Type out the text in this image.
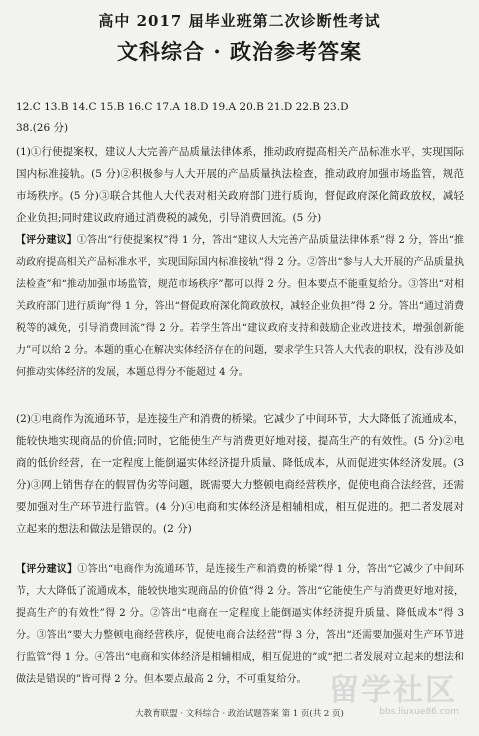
高中 2017 届毕业班第二次诊断性考试
文科综合 · 政治参考答案
12.C 13.B 14.C 15.B 16.C 17.A 18.D 19.A 20.B 21.D 22.B 23.D
38.(26 分)
(1)①行使提案权，建议人大完善产品质量法律体系，推动政府提高相关产品标准水平，实现国际国内标准接轨。(5 分)②积极参与人大开展的产品质量执法检查，推动政府加强市场监管，规范市场秩序。(5 分)③联合其他人大代表对相关政府部门进行质询，督促政府深化简政放权，减轻企业负担;同时建议政府通过消费税的减免，引导消费回流。(5 分)
【评分建议】①答出“行使提案权”得 1 分，答出“建议人大完善产品质量法律体系”得 2 分，答出“推动政府提高相关产品标准水平，实现国际国内标准接轨”得 2 分。②答出“参与人大开展的产品质量执法检查”和“推动加强市场监管，规范市场秩序”都可以得 2 分。但本要点不能重复给分。③答出“对相关政府部门进行质询”得 1 分，答出“督促政府深化简政放权，减轻企业负担”得 2 分。答出“通过消费税等的减免，引导消费回流”得 2 分。若学生答出“建议政府支持和鼓励企业改进技术，增强创新能力”可以给 2 分。本题的重心在解决实体经济存在的问题，要求学生只答人大代表的职权，没有涉及如何推动实体经济的发展，本题总得分不能超过 4 分。
(2)①电商作为流通环节，是连接生产和消费的桥梁。它减少了中间环节，大大降低了流通成本，能较快地实现商品的价值;同时，它能使生产与消费更好地对接，提高生产的有效性。(5 分)②电商的低价经营，在一定程度上能倒逼实体经济提升质量、降低成本，从而促进实体经济发展。(3 分)③网上销售存在的假冒伪劣等问题，既需要大力整顿电商经营秩序，促使电商合法经营，还需要加强对生产环节进行监管。(4 分)④电商和实体经济是相辅相成，相互促进的。把二者发展对立起来的想法和做法是错误的。(2 分)
【评分建议】①答出“电商作为流通环节，是连接生产和消费的桥梁”得 1 分，答出“它减少了中间环节，大大降低了流通成本，能较快地实现商品的价值”得 2 分。答出“它能使生产与消费更好地对接，提高生产的有效性”得 2 分。②答出“电商在一定程度上能倒逼实体经济提升质量、降低成本”得 3 分。③答出“要大力整顿电商经营秩序，促使电商合法经营”得 3 分，答出“还需要加强对生产环节进行监管”得 1 分。④答出“电商和实体经济是相辅相成，相互促进的”或“把二者发展对立起来的想法和做法是错误的”皆可得 2 分。但本要点最高 2 分，不可重复给分。
大教育联盟 · 文科综合 · 政治试题答案 第 1 页(共 2 页)
留学社区
bbs.liuxue86.com
